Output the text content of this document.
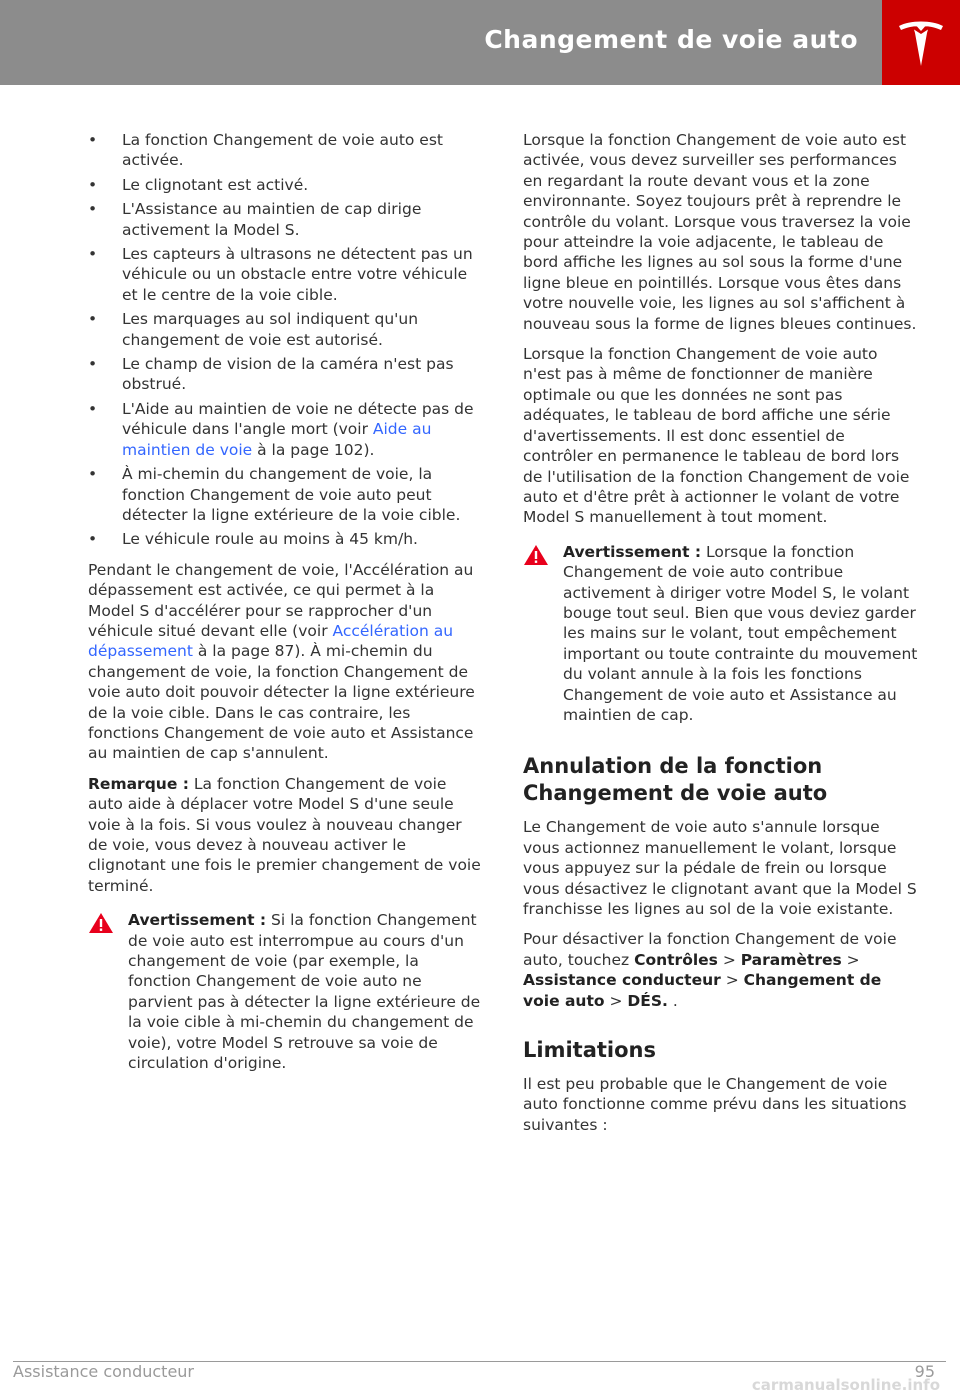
Changement de voie auto
• La fonction Changement de voie auto est activée.
• Le clignotant est activé.
• L'Assistance au maintien de cap dirige activement la Model S.
• Les capteurs à ultrasons ne détectent pas un véhicule ou un obstacle entre votre véhicule et le centre de la voie cible.
• Les marquages au sol indiquent qu'un changement de voie est autorisé.
• Le champ de vision de la caméra n'est pas obstrué.
• L'Aide au maintien de voie ne détecte pas de véhicule dans l'angle mort (voir Aide au maintien de voie à la page 102).
• À mi-chemin du changement de voie, la fonction Changement de voie auto peut détecter la ligne extérieure de la voie cible.
• Le véhicule roule au moins à 45 km/h.

Pendant le changement de voie, l'Accélération au dépassement est activée, ce qui permet à la Model S d'accélérer pour se rapprocher d'un véhicule situé devant elle (voir Accélération au dépassement à la page 87). À mi-chemin du changement de voie, la fonction Changement de voie auto doit pouvoir détecter la ligne extérieure de la voie cible. Dans le cas contraire, les fonctions Changement de voie auto et Assistance au maintien de cap s'annulent.

Remarque : La fonction Changement de voie auto aide à déplacer votre Model S d'une seule voie à la fois. Si vous voulez à nouveau changer de voie, vous devez à nouveau activer le clignotant une fois le premier changement de voie terminé.

Avertissement : Si la fonction Changement de voie auto est interrompue au cours d'un changement de voie (par exemple, la fonction Changement de voie auto ne parvient pas à détecter la ligne extérieure de la voie cible à mi-chemin du changement de voie), votre Model S retrouve sa voie de circulation d'origine.

Lorsque la fonction Changement de voie auto est activée, vous devez surveiller ses performances en regardant la route devant vous et la zone environnante. Soyez toujours prêt à reprendre le contrôle du volant. Lorsque vous traversez la voie pour atteindre la voie adjacente, le tableau de bord affiche les lignes au sol sous la forme d'une ligne bleue en pointillés. Lorsque vous êtes dans votre nouvelle voie, les lignes au sol s'affichent à nouveau sous la forme de lignes bleues continues.

Lorsque la fonction Changement de voie auto n'est pas à même de fonctionner de manière optimale ou que les données ne sont pas adéquates, le tableau de bord affiche une série d'avertissements. Il est donc essentiel de contrôler en permanence le tableau de bord lors de l'utilisation de la fonction Changement de voie auto et d'être prêt à actionner le volant de votre Model S manuellement à tout moment.

Avertissement : Lorsque la fonction Changement de voie auto contribue activement à diriger votre Model S, le volant bouge tout seul. Bien que vous deviez garder les mains sur le volant, tout empêchement important ou toute contrainte du mouvement du volant annule à la fois les fonctions Changement de voie auto et Assistance au maintien de cap.
Annulation de la fonction Changement de voie auto

Le Changement de voie auto s'annule lorsque vous actionnez manuellement le volant, lorsque vous appuyez sur la pédale de frein ou lorsque vous désactivez le clignotant avant que la Model S franchisse les lignes au sol de la voie existante.

Pour désactiver la fonction Changement de voie auto, touchez Contrôles > Paramètres > Assistance conducteur > Changement de voie auto > DÉS. .

Limitations

Il est peu probable que le Changement de voie auto fonctionne comme prévu dans les situations suivantes :

Assistance conducteur	95
carmanualsonline.info
